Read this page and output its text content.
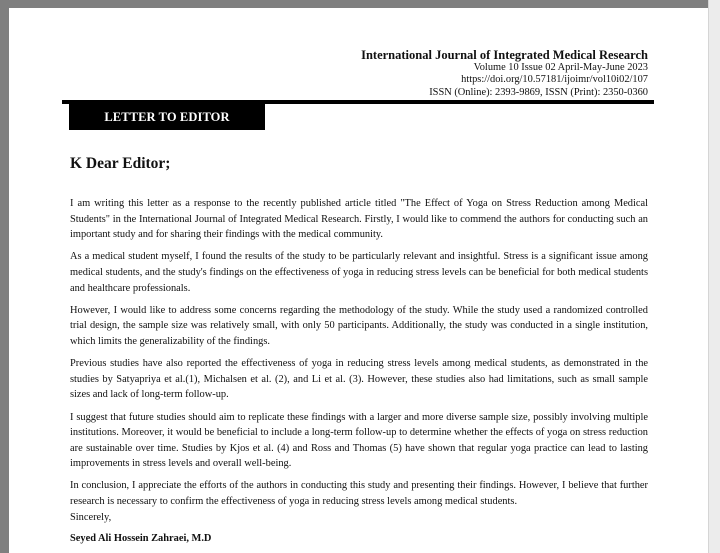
International Journal of Integrated Medical Research
Volume 10 Issue 02 April-May-June 2023
https://doi.org/10.57181/ijoimr/vol10i02/107
ISSN (Online): 2393-9869, ISSN (Print): 2350-0360
LETTER TO EDITOR
K Dear Editor;

I am writing this letter as a response to the recently published article titled "The Effect of Yoga on Stress Reduction among Medical Students" in the International Journal of Integrated Medical Research. Firstly, I would like to commend the authors for conducting such an important study and for sharing their findings with the medical community.

As a medical student myself, I found the results of the study to be particularly relevant and insightful. Stress is a significant issue among medical students, and the study's findings on the effectiveness of yoga in reducing stress levels can be beneficial for both medical students and healthcare professionals.

However, I would like to address some concerns regarding the methodology of the study. While the study used a randomized controlled trial design, the sample size was relatively small, with only 50 participants. Additionally, the study was conducted in a single institution, which limits the generalizability of the findings.

Previous studies have also reported the effectiveness of yoga in reducing stress levels among medical students, as demonstrated in the studies by Satyapriya et al.(1), Michalsen et al. (2), and Li et al. (3). However, these studies also had limitations, such as small sample sizes and lack of long-term follow-up.

I suggest that future studies should aim to replicate these findings with a larger and more diverse sample size, possibly involving multiple institutions. Moreover, it would be beneficial to include a long-term follow-up to determine whether the effects of yoga on stress reduction are sustainable over time. Studies by Kjos et al. (4) and Ross and Thomas (5) have shown that regular yoga practice can lead to lasting improvements in stress levels and overall well-being.

In conclusion, I appreciate the efforts of the authors in conducting this study and presenting their findings. However, I believe that further research is necessary to confirm the effectiveness of yoga in reducing stress levels among medical students.

Sincerely,
Seyed Ali Hossein Zahraei, M.D
